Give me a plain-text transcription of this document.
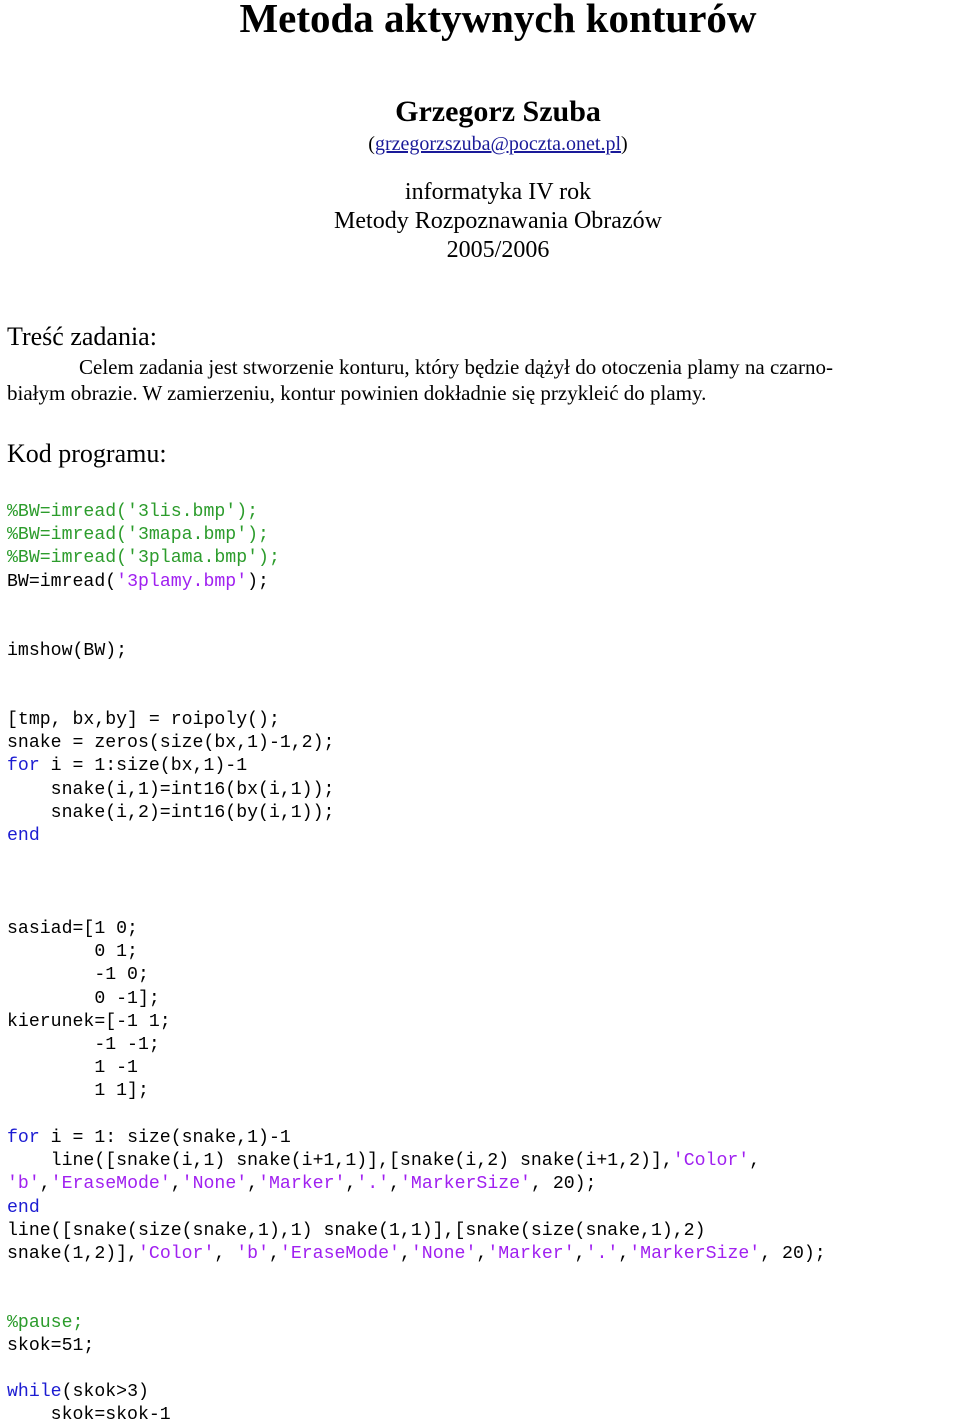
Metoda aktywnych konturów
Grzegorz Szuba
(grzegorzszuba@poczta.onet.pl)
informatyka IV rok
Metody Rozpoznawania Obrazów
2005/2006
Treść zadania:
Celem zadania jest stworzenie konturu, który będzie dążył do otoczenia plamy na czarno-
białym obrazie. W zamierzeniu, kontur powinien dokładnie się przykleić do plamy.
Kod programu:
%BW=imread('3lis.bmp');
%BW=imread('3mapa.bmp');
%BW=imread('3plama.bmp');
BW=imread('3plamy.bmp');
imshow(BW);
[tmp, bx,by] = roipoly();
snake = zeros(size(bx,1)-1,2);
for i = 1:size(bx,1)-1
snake(i,1)=int16(bx(i,1));
snake(i,2)=int16(by(i,1));
end
sasiad=[1 0;
0 1;
-1 0;
0 -1];
kierunek=[-1 1;
-1 -1;
1 -1
1 1];
for i = 1: size(snake,1)-1
line([snake(i,1) snake(i+1,1)],[snake(i,2) snake(i+1,2)],'Color',
'b','EraseMode','None','Marker','.','MarkerSize', 20);
end
line([snake(size(snake,1),1) snake(1,1)],[snake(size(snake,1),2)
snake(1,2)],'Color', 'b','EraseMode','None','Marker','.','MarkerSize', 20);
%pause;
skok=51;
while(skok>3)
skok=skok-1
